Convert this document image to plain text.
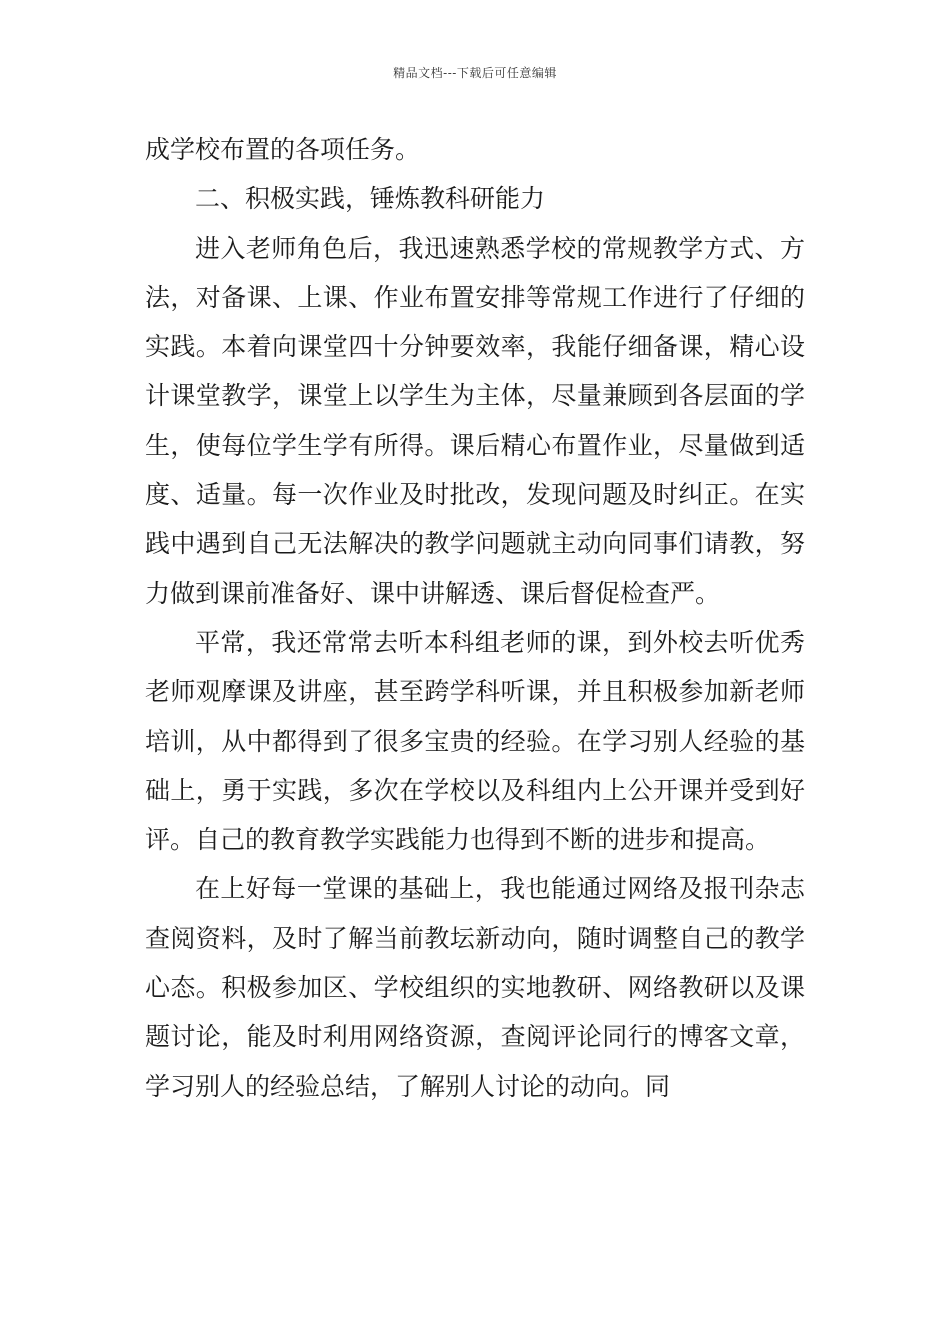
精品文档---下载后可任意编辑

成学校布置的各项任务。

二、积极实践，锤炼教科研能力

进入老师角色后，我迅速熟悉学校的常规教学方式、方法，对备课、上课、作业布置安排等常规工作进行了仔细的实践。本着向课堂四十分钟要效率，我能仔细备课，精心设计课堂教学，课堂上以学生为主体，尽量兼顾到各层面的学生，使每位学生学有所得。课后精心布置作业，尽量做到适度、适量。每一次作业及时批改，发现问题及时纠正。在实践中遇到自己无法解决的教学问题就主动向同事们请教，努力做到课前准备好、课中讲解透、课后督促检查严。

平常，我还常常去听本科组老师的课，到外校去听优秀老师观摩课及讲座，甚至跨学科听课，并且积极参加新老师培训，从中都得到了很多宝贵的经验。在学习别人经验的基础上，勇于实践，多次在学校以及科组内上公开课并受到好评。自己的教育教学实践能力也得到不断的进步和提高。

在上好每一堂课的基础上，我也能通过网络及报刊杂志查阅资料，及时了解当前教坛新动向，随时调整自己的教学心态。积极参加区、学校组织的实地教研、网络教研以及课题讨论，能及时利用网络资源，查阅评论同行的博客文章，学习别人的经验总结，了解别人讨论的动向。同
